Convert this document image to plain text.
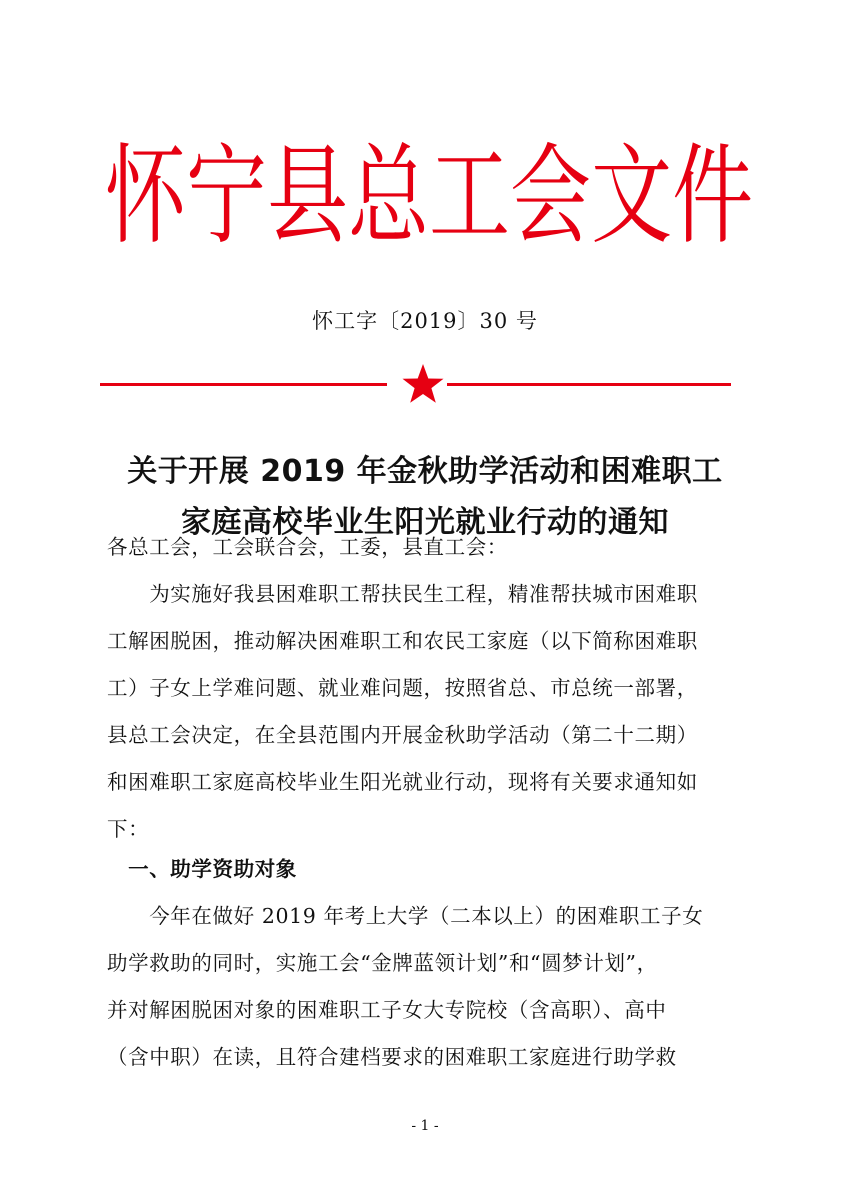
怀 宁 县 总 工 会 文 件
怀工字〔2019〕30 号
关于开展 2019 年金秋助学活动和困难职工
家庭高校毕业生阳光就业行动的通知
各总工会，工会联合会，工委，县直工会：
　　为实施好我县困难职工帮扶民生工程，精准帮扶城市困难职
工解困脱困，推动解决困难职工和农民工家庭（以下简称困难职
工）子女上学难问题、就业难问题，按照省总、市总统一部署，
县总工会决定，在全县范围内开展金秋助学活动（第二十二期）
和困难职工家庭高校毕业生阳光就业行动，现将有关要求通知如
下：
　一、助学资助对象
　　今年在做好 2019 年考上大学（二本以上）的困难职工子女
助学救助的同时，实施工会“金牌蓝领计划”和“圆梦计划”，
并对解困脱困对象的困难职工子女大专院校（含高职）、高中
（含中职）在读，且符合建档要求的困难职工家庭进行助学救
- 1 -
